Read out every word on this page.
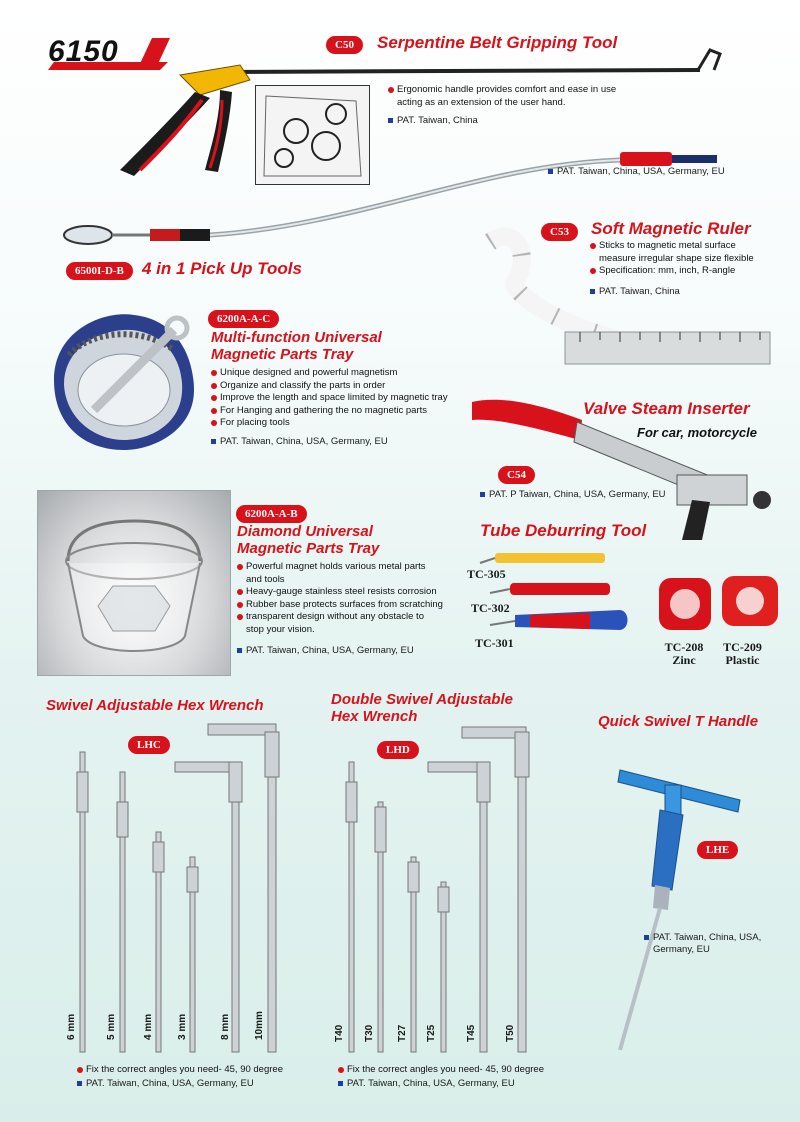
6150	C50	Serpentine Belt Gripping Tool
Ergonomic handle provides comfort and ease in use
acting as an extension of the user hand.
PAT. Taiwan, China
PAT. Taiwan, China, USA, Germany, EU
6500I-D-B	4 in 1 Pick Up Tools
C53	Soft Magnetic Ruler
Sticks to magnetic metal surface
measure irregular shape size flexible
Specification: mm, inch, R-angle
PAT. Taiwan, China
6200A-A-C
Multi-function Universal
Magnetic Parts Tray
Unique designed and powerful magnetism
Organize and classify the parts in order
Improve the length and space limited by magnetic tray
For Hanging and gathering the no magnetic parts
For placing tools
PAT. Taiwan, China, USA, Germany, EU
Valve Steam Inserter
For car, motorcycle
C54
PAT. P Taiwan, China, USA, Germany, EU
6200A-A-B
Diamond Universal
Magnetic Parts Tray
Powerful magnet holds various metal parts
and tools
Heavy-gauge stainless steel resists corrosion
Rubber base protects surfaces from scratching
transparent design without any obstacle to
stop your vision.
PAT. Taiwan, China, USA, Germany, EU
Tube Deburring Tool
TC-305
TC-302
TC-301	TC-208
Zinc
TC-209
Plastic
Swivel Adjustable Hex Wrench
LHC
6 mm	5 mm	4 mm 3 mm	8 mm 10mm
Fix the correct angles you need- 45, 90 degree
PAT. Taiwan, China, USA, Germany, EU
Double Swivel Adjustable
Hex Wrench
LHD
T40 T30 T27 T25	T45	T50
Fix the correct angles you need- 45, 90 degree
PAT. Taiwan, China, USA, Germany, EU
Quick Swivel T Handle
LHE
PAT. Taiwan, China, USA,
Germany, EU
